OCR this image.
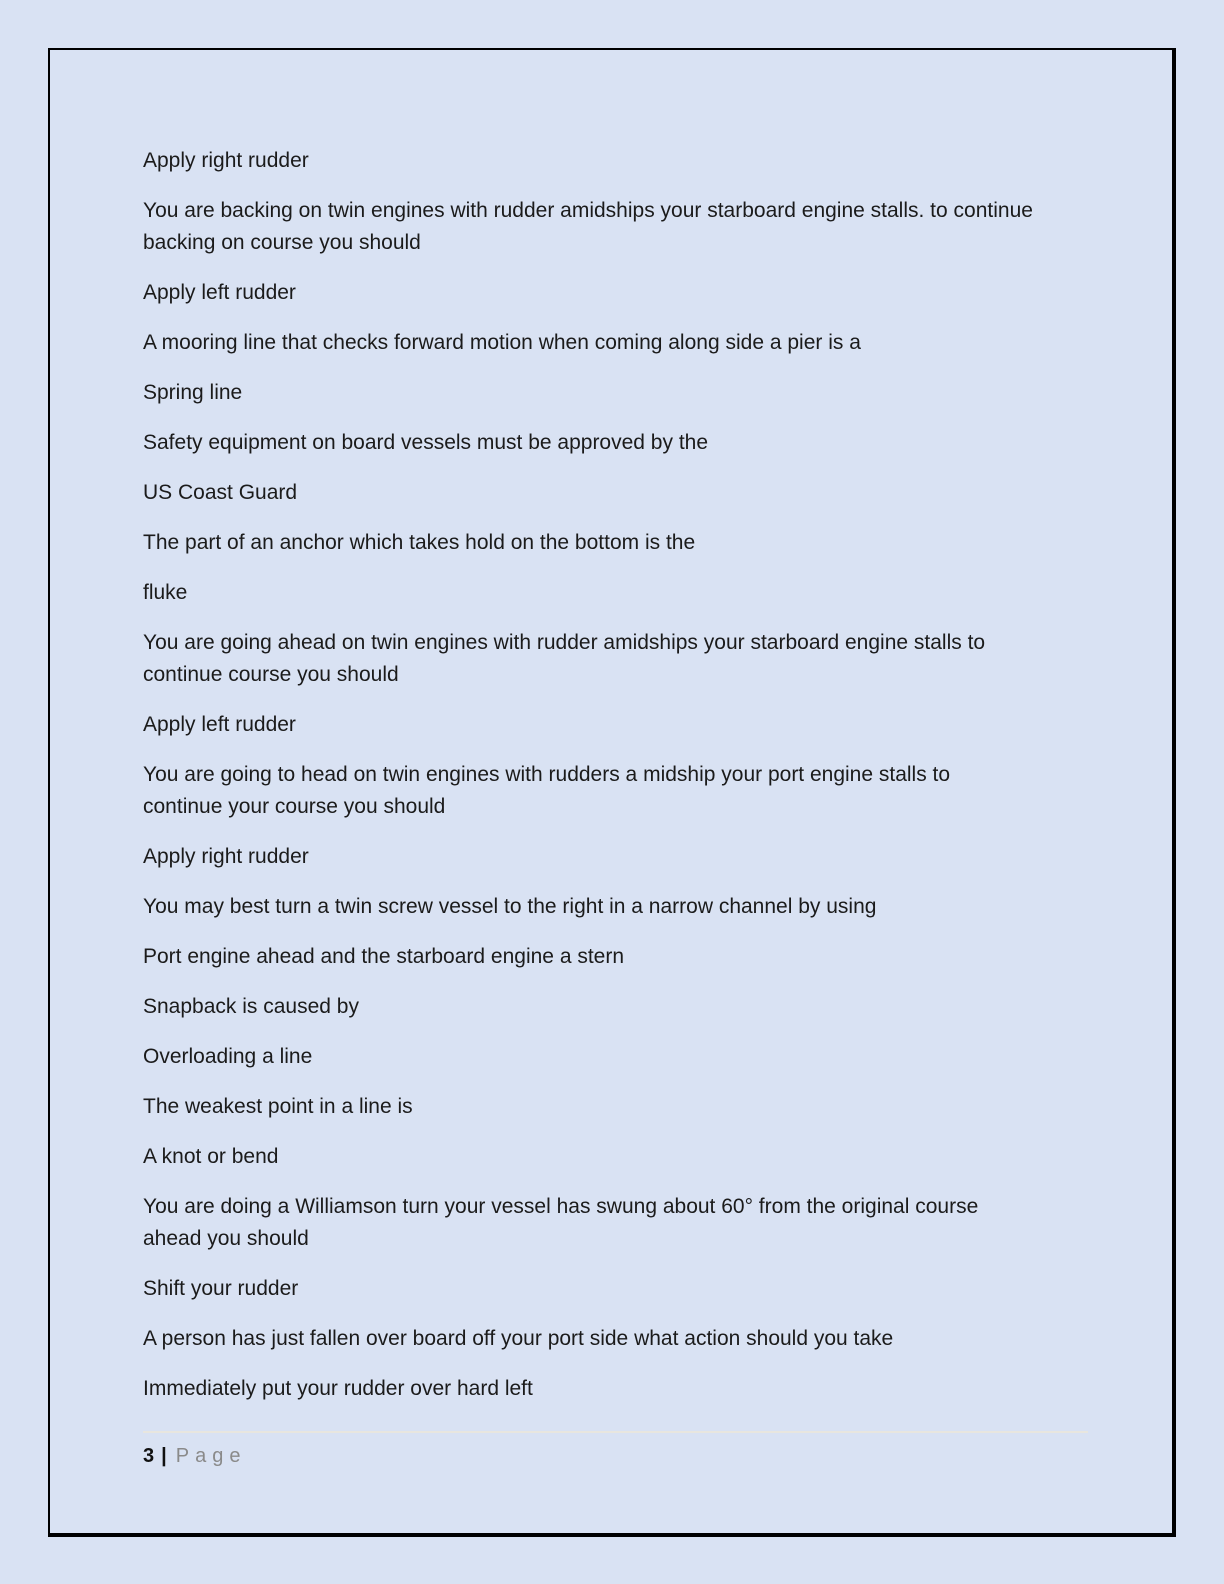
Apply right rudder
You are backing on twin engines with rudder amidships your starboard engine stalls. to continue
backing on course you should
Apply left rudder
A mooring line that checks forward motion when coming along side a pier is a
Spring line
Safety equipment on board vessels must be approved by the
US Coast Guard
The part of an anchor which takes hold on the bottom is the
fluke
You are going ahead on twin engines with rudder amidships your starboard engine stalls to
continue course you should
Apply left rudder
You are going to head on twin engines with rudders a midship your port engine stalls to
continue your course you should
Apply right rudder
You may best turn a twin screw vessel to the right in a narrow channel by using
Port engine ahead and the starboard engine a stern
Snapback is caused by
Overloading a line
The weakest point in a line is
A knot or bend
You are doing a Williamson turn your vessel has swung about 60° from the original course
ahead you should
Shift your rudder
A person has just fallen over board off your port side what action should you take
Immediately put your rudder over hard left
3 | Page
